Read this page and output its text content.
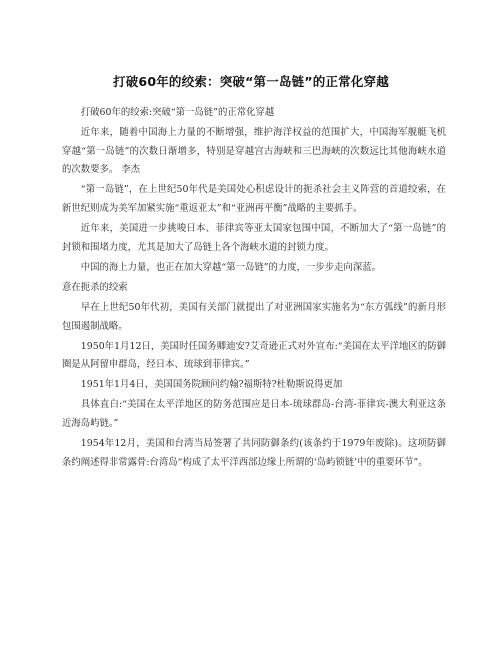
打破60年的绞索：突破“第一岛链”的正常化穿越

打破60年的绞索:突破“第一岛链”的正常化穿越

近年来，随着中国海上力量的不断增强，维护海洋权益的范围扩大，中国海军舰艇飞机穿越“第一岛链”的次数日渐增多，特别是穿越宫古海峡和三巴海峡的次数远比其他海峡水道的次数要多。 李杰

“第一岛链”，在上世纪50年代是美国处心积虑设计的扼杀社会主义阵营的首道绞索，在新世纪则成为美军加紧实施“重返亚太”和“亚洲再平衡”战略的主要抓手。

近年来，美国进一步挑唆日本、菲律宾等亚太国家包围中国，不断加大了“第一岛链”的封锁和围堵力度，尤其是加大了岛链上各个海峡水道的封锁力度。

中国的海上力量，也正在加大穿越“第一岛链”的力度，一步步走向深蓝。

意在扼杀的绞索

早在上世纪50年代初，美国有关部门就提出了对亚洲国家实施名为“东方弧线”的新月形包围遏制战略。

1950年1月12日，美国时任国务卿迪安?艾奇逊正式对外宣布:“美国在太平洋地区的防御圈是从阿留申群岛，经日本、琉球到菲律宾。”

1951年1月4日，美国国务院顾问约翰?福斯特?杜勒斯说得更加

具体直白:“美国在太平洋地区的防务范围应是日本-琉球群岛-台湾-菲律宾-澳大利亚这条近海岛屿链。”

1954年12月，美国和台湾当局签署了共同防御条约(该条约于1979年废除)。这项防御条约阐述得非常露骨:台湾岛“构成了太平洋西部边缘上所谓的‘岛屿锁链’中的重要环节”。
